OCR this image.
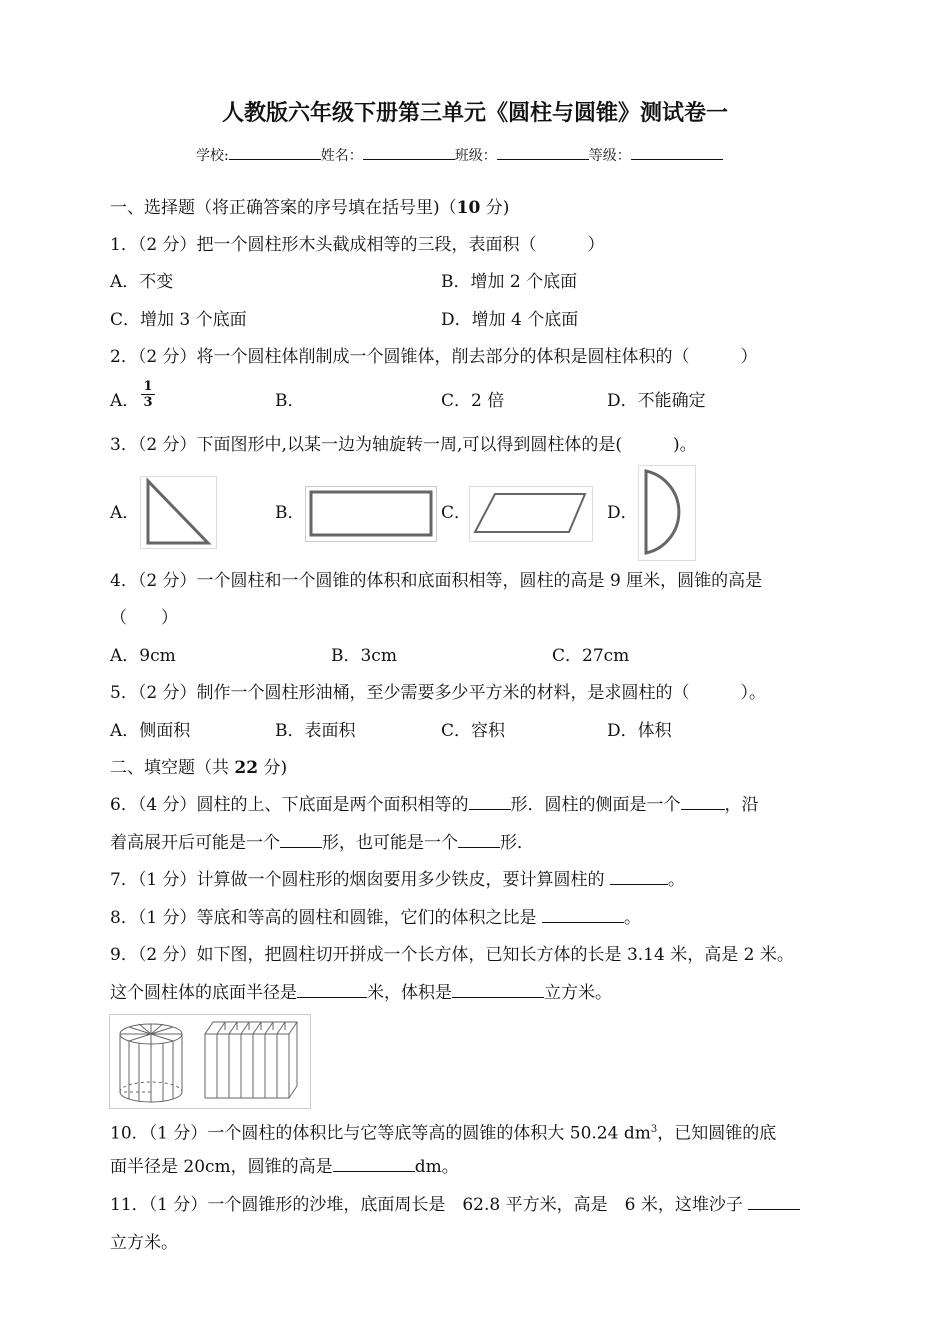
人教版六年级下册第三单元《圆柱与圆锥》测试卷一
学校:	姓名：	班级：	等级：
一、选择题（将正确答案的序号填在括号里)（10 分)
1．（2 分）把一个圆柱形木头截成相等的三段，表面积（　　　）
A．不变	B．增加 2 个底面
C．增加 3 个底面	D．增加 4 个底面
2．（2 分）将一个圆柱体削制成一个圆锥体，削去部分的体积是圆柱体积的（　　　）
A． $\frac{1}{3}$	B．	C．2 倍	D．不能确定
3．（2 分）下面图形中,以某一边为轴旋转一周,可以得到圆柱体的是(　　　)。
A．	B．	C．	D．
4．（2 分）一个圆柱和一个圆锥的体积和底面积相等，圆柱的高是 9 厘米，圆锥的高是
（　　）
A．9cm	B．3cm	C．27cm
5．（2 分）制作一个圆柱形油桶，至少需要多少平方米的材料，是求圆柱的（　　　）。
A．侧面积	B．表面积	C．容积	D．体积
二、填空题（共 22 分)
6．（4 分）圆柱的上、下底面是两个面积相等的 形．圆柱的侧面是一个	，沿
着高展开后可能是一个 形，也可能是一个 形．
7．（1 分）计算做一个圆柱形的烟囱要用多少铁皮，要计算圆柱的	。
8．（1 分）等底和等高的圆柱和圆锥，它们的体积之比是	。
9．（2 分）如下图，把圆柱切开拼成一个长方体，已知长方体的长是 3.14 米，高是 2 米。
这个圆柱体的底面半径是	米，体积是	立方米。
10．（1 分）一个圆柱的体积比与它等底等高的圆锥的体积大 50.24 $dm^3$，已知圆锥的底
面半径是 20cm，圆锥的高是	dm。
11．（1 分）一个圆锥形的沙堆，底面周长是　62.8 平方米，高是　6 米，这堆沙子
立方米。
